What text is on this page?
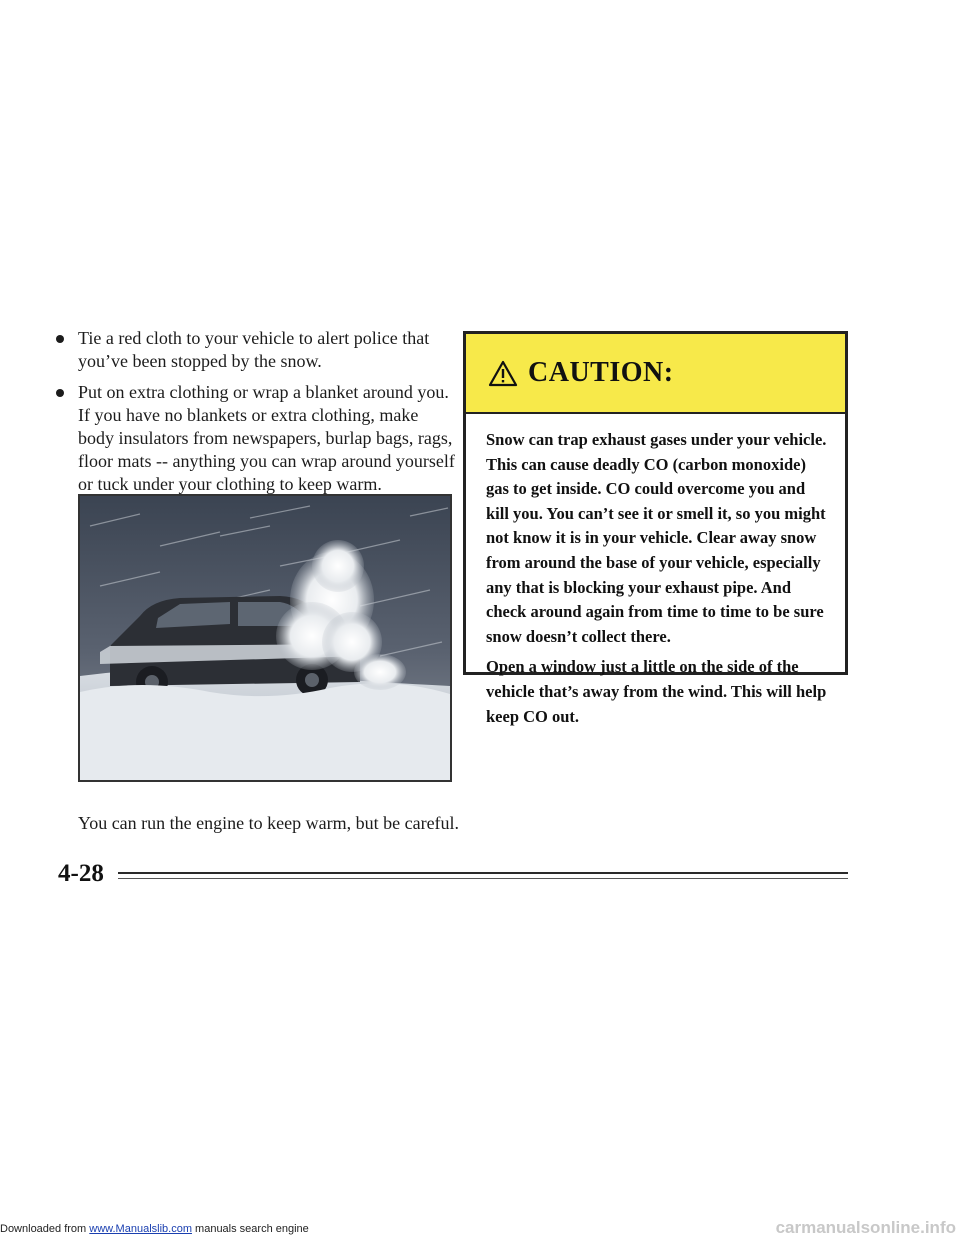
Tie a red cloth to your vehicle to alert police that you’ve been stopped by the snow.
Put on extra clothing or wrap a blanket around you. If you have no blankets or extra clothing, make body insulators from newspapers, burlap bags, rags, floor mats -- anything you can wrap around yourself or tuck under your clothing to keep warm.
You can run the engine to keep warm, but be careful.
CAUTION:

Snow can trap exhaust gases under your vehicle. This can cause deadly CO (carbon monoxide) gas to get inside. CO could overcome you and kill you. You can’t see it or smell it, so you might not know it is in your vehicle. Clear away snow from around the base of your vehicle, especially any that is blocking your exhaust pipe. And check around again from time to time to be sure snow doesn’t collect there.

Open a window just a little on the side of the vehicle that’s away from the wind. This will help keep CO out.

4-28
Downloaded from www.Manualslib.com manuals search engine	carmanualsonline.info
